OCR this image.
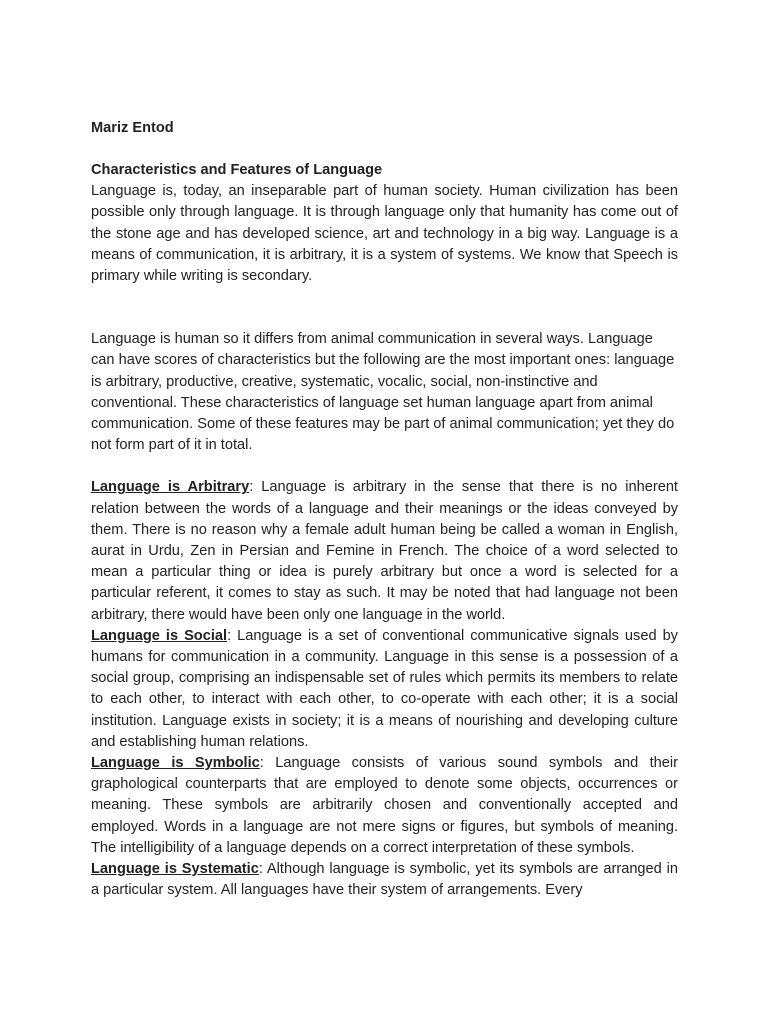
Mariz Entod

Characteristics and Features of Language

Language is, today, an inseparable part of human society. Human civilization has been possible only through language. It is through language only that humanity has come out of the stone age and has developed science, art and technology in a big way. Language is a means of communication, it is arbitrary, it is a system of systems. We know that Speech is primary while writing is secondary.

Language is human so it differs from animal communication in several ways. Language can have scores of characteristics but the following are the most important ones: language is arbitrary, productive, creative, systematic, vocalic, social, non-instinctive and conventional. These characteristics of language set human language apart from animal communication. Some of these features may be part of animal communication; yet they do not form part of it in total.

Language is Arbitrary: Language is arbitrary in the sense that there is no inherent relation between the words of a language and their meanings or the ideas conveyed by them. There is no reason why a female adult human being be called a woman in English, aurat in Urdu, Zen in Persian and Femine in French. The choice of a word selected to mean a particular thing or idea is purely arbitrary but once a word is selected for a particular referent, it comes to stay as such. It may be noted that had language not been arbitrary, there would have been only one language in the world.

Language is Social: Language is a set of conventional communicative signals used by humans for communication in a community. Language in this sense is a possession of a social group, comprising an indispensable set of rules which permits its members to relate to each other, to interact with each other, to co-operate with each other; it is a social institution. Language exists in society; it is a means of nourishing and developing culture and establishing human relations.

Language is Symbolic: Language consists of various sound symbols and their graphological counterparts that are employed to denote some objects, occurrences or meaning. These symbols are arbitrarily chosen and conventionally accepted and employed. Words in a language are not mere signs or figures, but symbols of meaning. The intelligibility of a language depends on a correct interpretation of these symbols.

Language is Systematic: Although language is symbolic, yet its symbols are arranged in a particular system. All languages have their system of arrangements. Every
